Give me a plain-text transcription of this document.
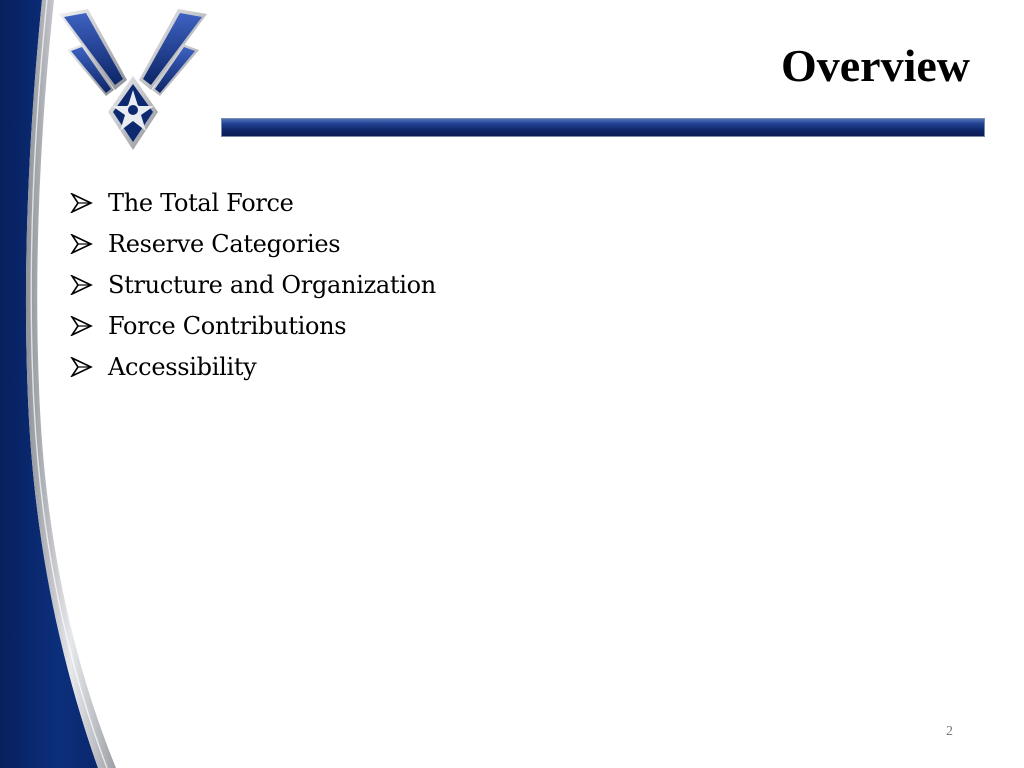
Overview
The Total Force
Reserve Categories
Structure and Organization
Force Contributions
Accessibility
2
